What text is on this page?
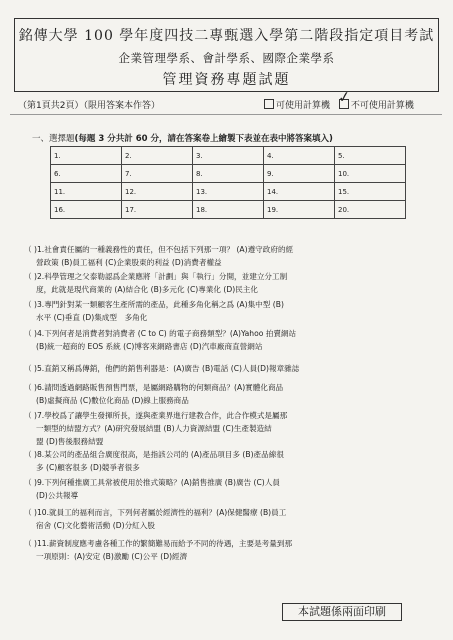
銘傳大學 100 學年度四技二專甄選入學第二階段指定項目考試
企業管理學系、會計學系、國際企業學系
管理資務專題試題
（第1頁共2頁）（限用答案本作答）	可使用計算機 ✓ 不可使用計算機
一、選擇題(每題 3 分共計 60 分，請在答案卷上繪製下表並在表中將答案填入)
1.	2.	3.	4.	5.
6.	7.	8.	9.	10.
11.	12.	13.	14.	15.
16.	17.	18.	19.	20.
（ )1.社會責任屬的一種義務性的責任，但不包括下列那一項？ (A)遵守政府的經
營政策 (B)員工福利 (C)企業股東的利益 (D)消費者權益
（ )2.科學管理之父泰勒認爲企業應將「計劃」與「執行」分開，並建立分工制
度，此就是現代商業的 (A)結合化 (B)多元化 (C)專業化 (D)民主化
（ )3.專門針對某一類顧客生產所需的產品，此種多角化稱之爲 (A)集中型 (B)
水平 (C)垂直 (D)集成型　多角化
（ )4.下列何者是消費者對消費者 (C to C) 的電子商務類型？(A)Yahoo 拍賣網站
(B)統一超商的 EOS 系統 (C)博客來網路書店 (D)汽車廠商直營網站
（ )5.直銷又稱爲傳銷，他們的銷售利器是：(A)廣告 (B)電話 (C)人員(D)報章雜誌
（ )6.請問透過網路販售預售門票，是屬網路購物的何類商品？(A)實體化商品
(B)虛擬商品 (C)數位化商品 (D)線上服務商品
（ )7.學校爲了讓學生發揮所長，遂與產業界進行建教合作，此合作模式是屬那
一類型的結盟方式？(A)研究發展結盟 (B)人力資源結盟 (C)生產製造結
盟 (D)售後服務結盟
（ )8.某公司的產品組合廣度很高，是指該公司的 (A)產品項目多 (B)產品線很
多 (C)顧客很多 (D)競爭者很多
（ )9.下列何種推廣工具常被使用於推式策略？(A)銷售推廣 (B)廣告 (C)人員
(D)公共報導
（ )10.就員工的福利而言，下列何者屬於經濟性的福利？(A)保健醫療 (B)員工
宿舍 (C)文化藝術活動 (D)分紅入股
（ )11.薪資制度應考慮各種工作的繁簡難易而給予不同的待遇，主要是考量到那
一項原則：(A)安定 (B)激勵 (C)公平 (D)經濟
本試題係兩面印刷
